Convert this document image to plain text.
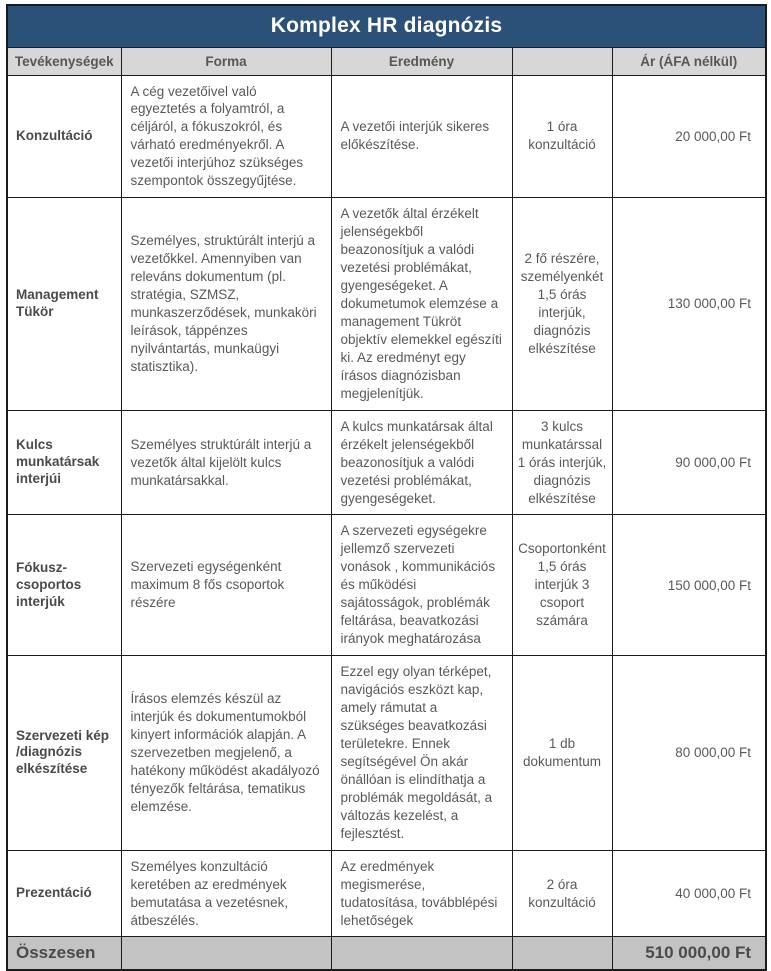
Komplex HR diagnózis				
Tevékenységek	Forma	Eredmény		Ár (ÁFA nélkül)
Konzultáció	A cég vezetőivel való egyeztetés a folyamtról, a céljáról, a fókuszokról, és várható eredményekről. A vezetői interjúhoz szükséges szempontok összegyűjtése.	A vezetői interjúk sikeres előkészítése.	1 óra konzultáció	20 000,00 Ft
Management Tükör	Személyes, struktúrált interjú a vezetőkkel. Amennyiben van releváns dokumentum (pl. stratégia, SZMSZ, munkaszerződések, munkaköri leírások, táppénzes nyilvántartás, munkaügyi statisztika).	A vezetők által érzékelt jelenségekből beazonosítjuk a valódi vezetési problémákat, gyengeségeket. A dokumetumok elemzése a management Tükröt objektív elemekkel egészíti ki. Az eredményt egy írásos diagnózisban megjelenítjük.	2 fő részére, személyenkét 1,5 órás interjúk, diagnózis elkészítése	130 000,00 Ft
Kulcs munkatársak interjúi	Személyes struktúrált interjú a vezetők által kijelölt kulcs munkatársakkal.	A kulcs munkatársak által érzékelt jelenségekből beazonosítjuk a valódi vezetési problémákat, gyengeségeket.	3 kulcs munkatárssal 1 órás interjúk, diagnózis elkészítése	90 000,00 Ft
Fókusz-csoportos interjúk	Szervezeti egységenként maximum 8 fős csoportok részére	A szervezeti egységekre jellemző szervezeti vonások , kommunikációs és működési sajátosságok, problémák feltárása, beavatkozási irányok meghatározása	Csoportonként 1,5 órás interjúk 3 csoport számára	150 000,00 Ft
Szervezeti kép /diagnózis elkészítése	Írásos elemzés készül az interjúk és dokumentumokból kinyert információk alapján. A szervezetben megjelenő, a hatékony működést akadályozó tényezők feltárása, tematikus elemzése.	Ezzel egy olyan térképet, navigációs eszközt kap, amely rámutat a szükséges beavatkozási területekre. Ennek segítségével Ön akár önállóan is elindíthatja a problémák megoldását, a változás kezelést, a fejlesztést.	1 db dokumentum	80 000,00 Ft
Prezentáció	Személyes konzultáció keretében az eredmények bemutatása a vezetésnek, átbeszélés.	Az eredmények megismerése, tudatosítása, továbblépési lehetőségek	2 óra konzultáció	40 000,00 Ft
Összesen				510 000,00 Ft
